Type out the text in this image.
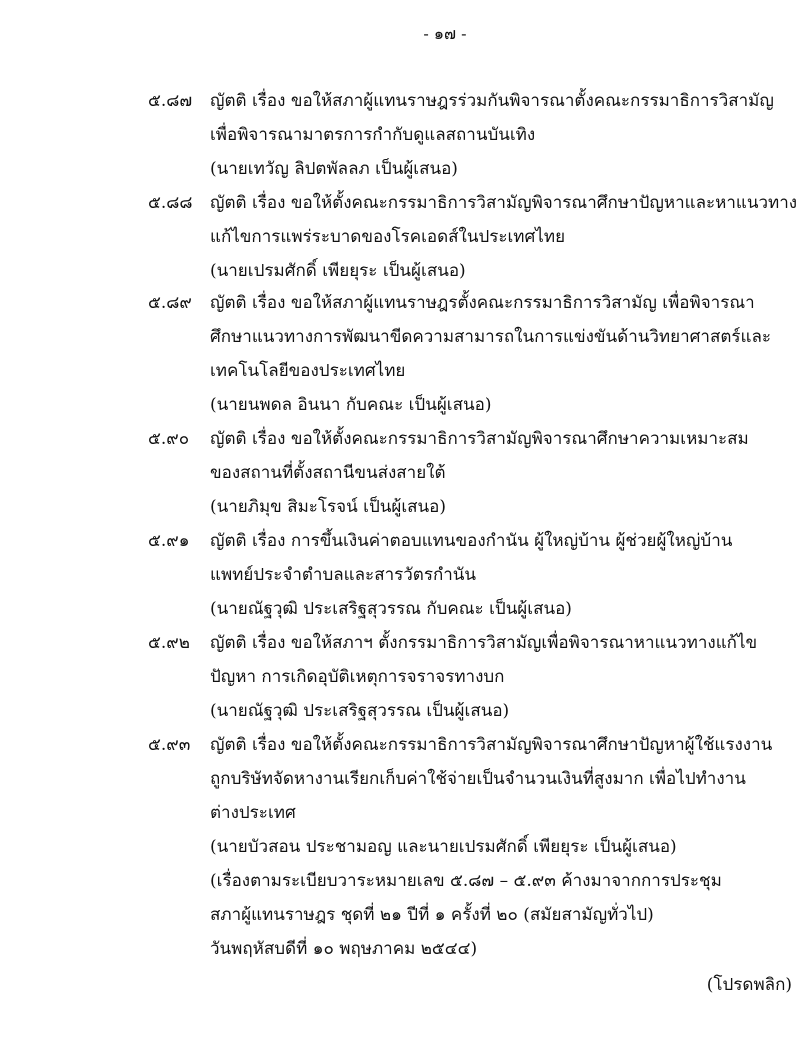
- ๑๗ -
๕.๘๗ ญัตติ เรื่อง ขอให้สภาผู้แทนราษฎรร่วมกันพิจารณาตั้งคณะกรรมาธิการวิสามัญ
เพื่อพิจารณามาตรการกำกับดูแลสถานบันเทิง
(นายเทวัญ ลิปตพัลลภ เป็นผู้เสนอ)
๕.๘๘ ญัตติ เรื่อง ขอให้ตั้งคณะกรรมาธิการวิสามัญพิจารณาศึกษาปัญหาและหาแนวทาง
แก้ไขการแพร่ระบาดของโรคเอดส์ในประเทศไทย
(นายเปรมศักดิ์ เพียยุระ เป็นผู้เสนอ)
๕.๘๙ ญัตติ เรื่อง ขอให้สภาผู้แทนราษฎรตั้งคณะกรรมาธิการวิสามัญ เพื่อพิจารณา
ศึกษาแนวทางการพัฒนาขีดความสามารถในการแข่งขันด้านวิทยาศาสตร์และ
เทคโนโลยีของประเทศไทย
(นายนพดล อินนา กับคณะ เป็นผู้เสนอ)
๕.๙๐ ญัตติ เรื่อง ขอให้ตั้งคณะกรรมาธิการวิสามัญพิจารณาศึกษาความเหมาะสม
ของสถานที่ตั้งสถานีขนส่งสายใต้
(นายภิมุข สิมะโรจน์ เป็นผู้เสนอ)
๕.๙๑ ญัตติ เรื่อง การขึ้นเงินค่าตอบแทนของกำนัน ผู้ใหญ่บ้าน ผู้ช่วยผู้ใหญ่บ้าน
แพทย์ประจำตำบลและสารวัตรกำนัน
(นายณัฐวุฒิ ประเสริฐสุวรรณ กับคณะ เป็นผู้เสนอ)
๕.๙๒ ญัตติ เรื่อง ขอให้สภาฯ ตั้งกรรมาธิการวิสามัญเพื่อพิจารณาหาแนวทางแก้ไข
ปัญหา การเกิดอุบัติเหตุการจราจรทางบก
(นายณัฐวุฒิ ประเสริฐสุวรรณ เป็นผู้เสนอ)
๕.๙๓ ญัตติ เรื่อง ขอให้ตั้งคณะกรรมาธิการวิสามัญพิจารณาศึกษาปัญหาผู้ใช้แรงงาน
ถูกบริษัทจัดหางานเรียกเก็บค่าใช้จ่ายเป็นจำนวนเงินที่สูงมาก เพื่อไปทำงาน
ต่างประเทศ
(นายบัวสอน ประชามอญ และนายเปรมศักดิ์ เพียยุระ เป็นผู้เสนอ)
(เรื่องตามระเบียบวาระหมายเลข ๕.๘๗ – ๕.๙๓ ค้างมาจากการประชุม
สภาผู้แทนราษฎร ชุดที่ ๒๑ ปีที่ ๑ ครั้งที่ ๒๐ (สมัยสามัญทั่วไป)
วันพฤหัสบดีที่ ๑๐ พฤษภาคม ๒๕๔๔)
(โปรดพลิก)
